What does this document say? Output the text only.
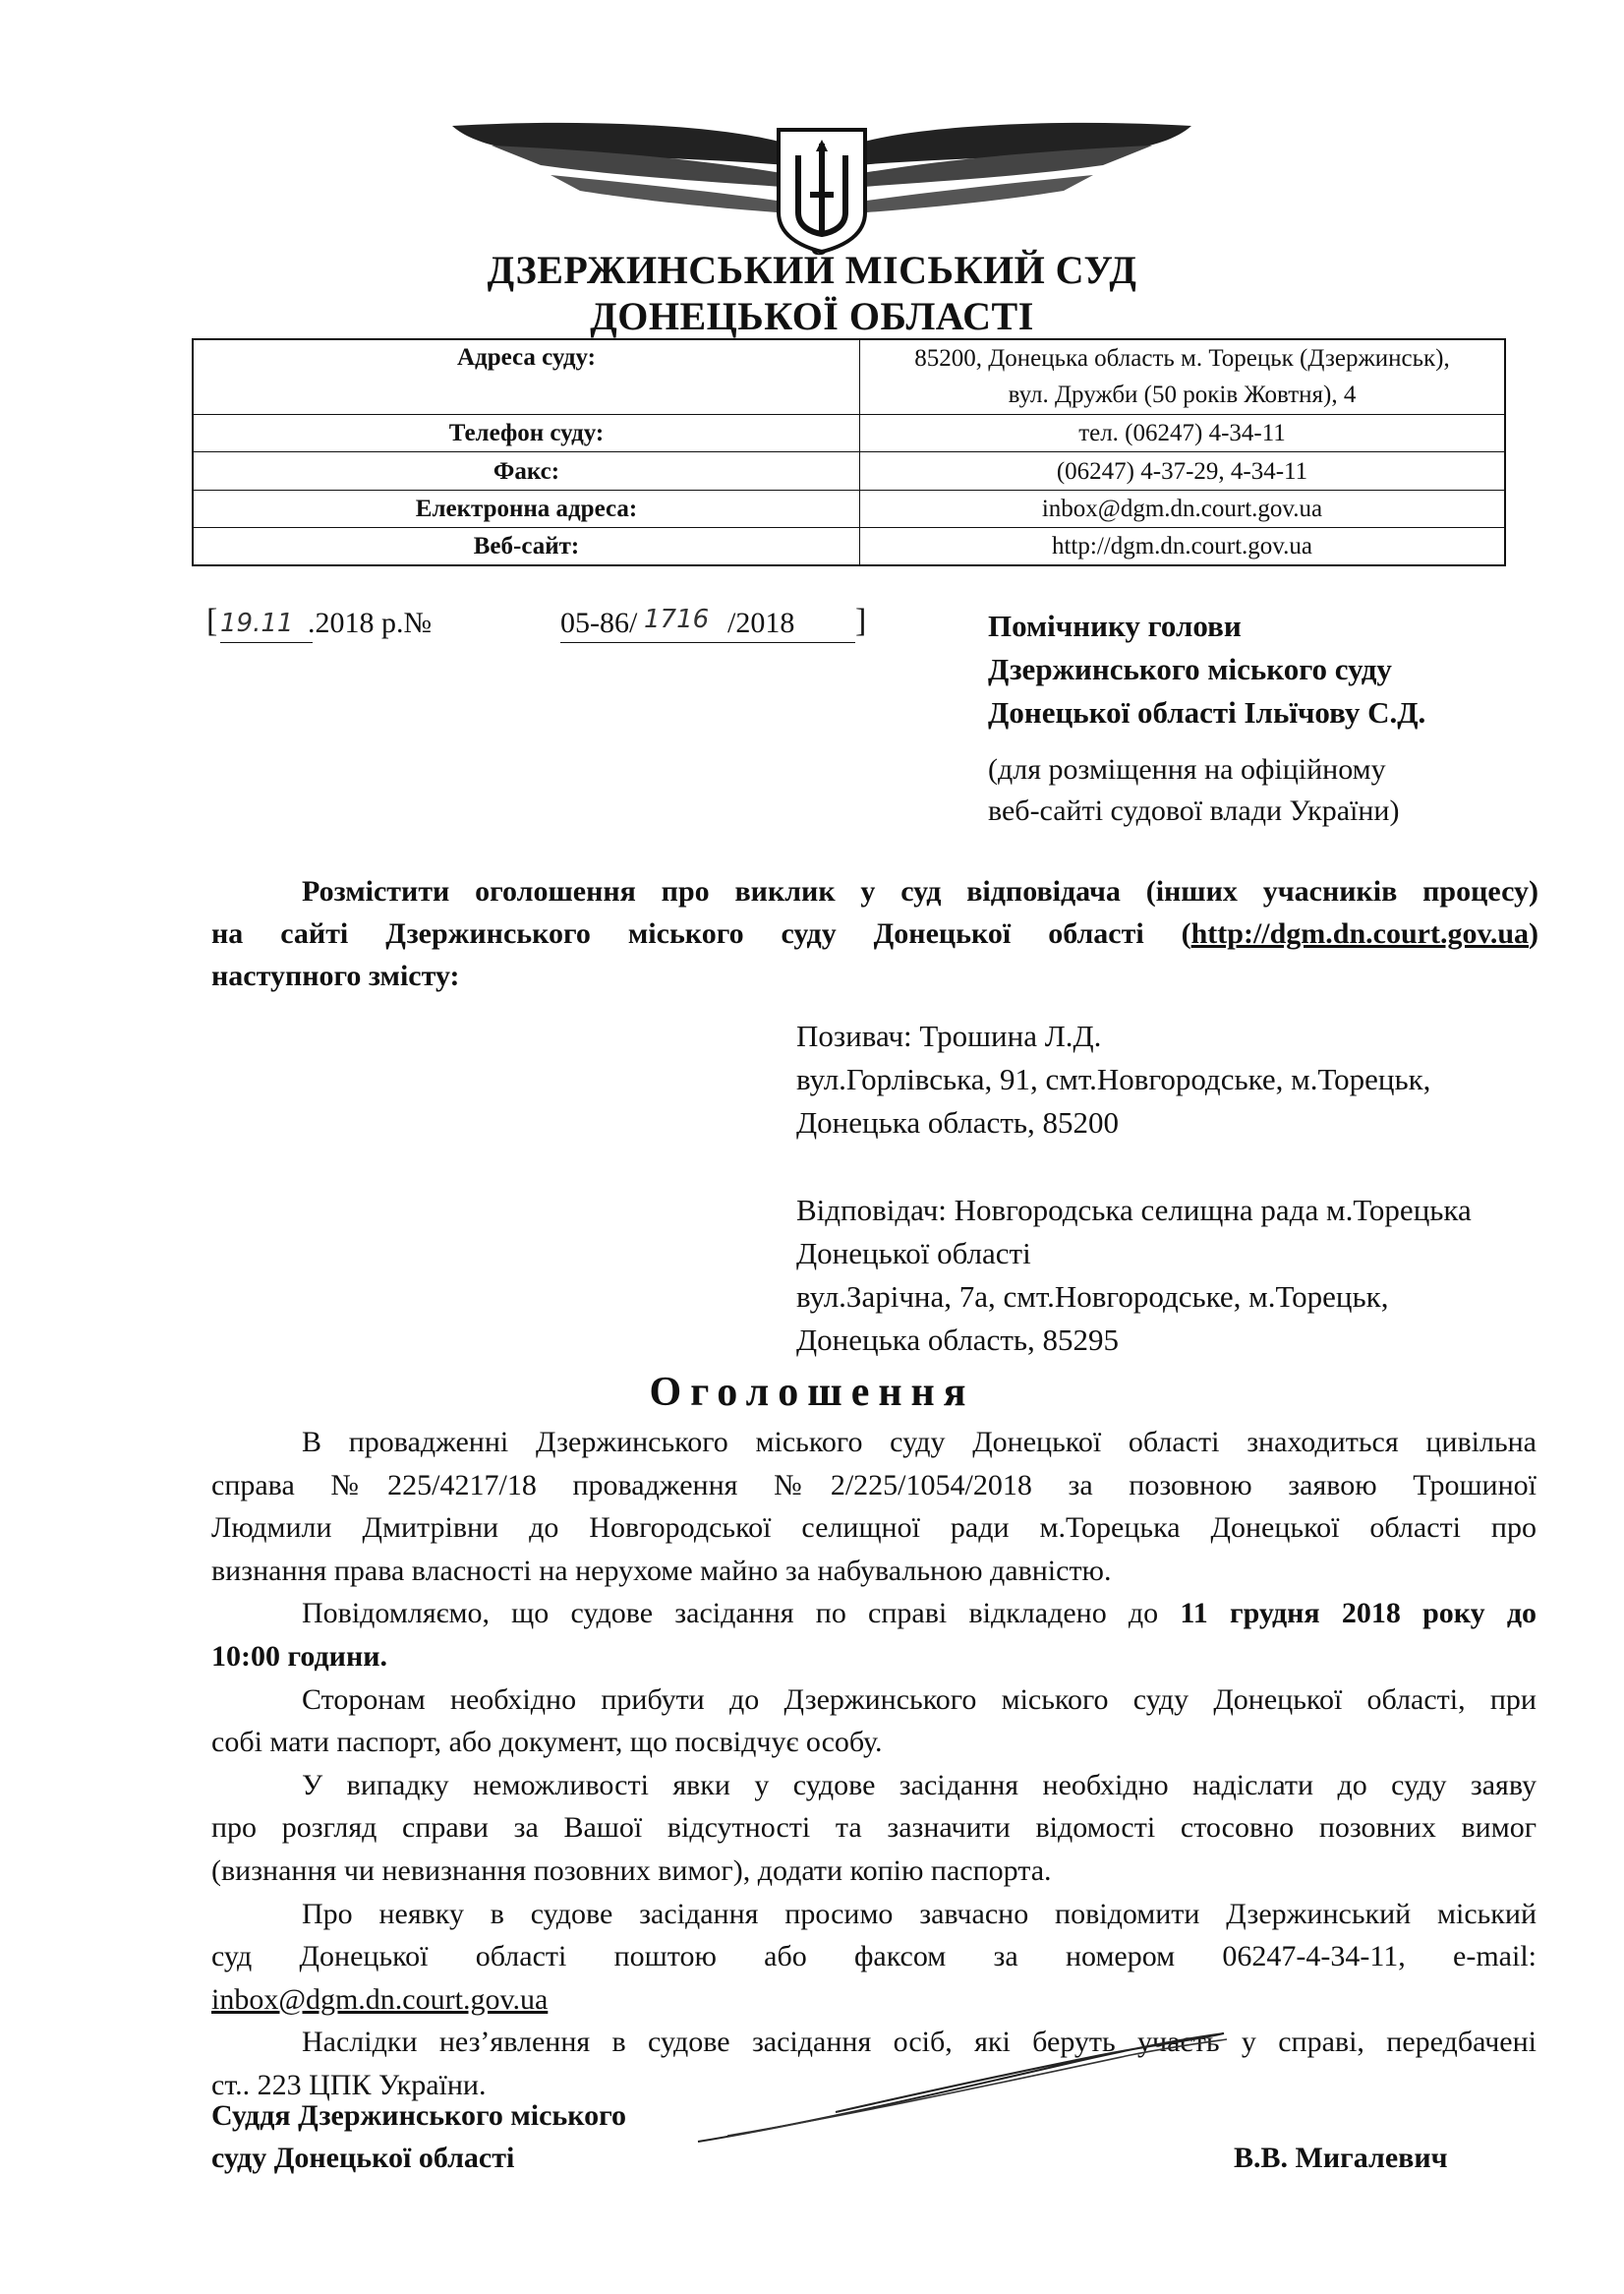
ДЗЕРЖИНСЬКИЙ МІСЬКИЙ СУД
ДОНЕЦЬКОЇ ОБЛАСТІ
Адреса суду:	85200, Донецька область м. Торецьк (Дзержинськ),
вул. Дружби (50 років Жовтня), 4
Телефон суду:	тел. (06247) 4-34-11
Факс:	(06247) 4-37-29, 4-34-11
Електронна адреса:	inbox@dgm.dn.court.gov.ua
Веб-сайт:	http://dgm.dn.court.gov.ua
[ 19.11 .2018 р.№	05-86/ 1716 /2018 ]	Помічнику голови
Дзержинського міського суду
Донецької області Ільїчову С.Д.
(для розміщення на офіційному
веб-сайті судової влади України)
Розмістити оголошення про виклик у суд відповідача (інших учасників процесу)
на сайті Дзержинського міського суду Донецької області (http://dgm.dn.court.gov.ua)
наступного змісту:
Позивач: Трошина Л.Д.
вул.Горлівська, 91, смт.Новгородське, м.Торецьк,
Донецька область, 85200
Відповідач: Новгородська селищна рада м.Торецька
Донецької області
вул.Зарічна, 7а, смт.Новгородське, м.Торецьк,
Донецька область, 85295
Оголошення
В провадженні Дзержинського міського суду Донецької області знаходиться цивільна
справа №225/4217/18 провадження №2/225/1054/2018 за позовною заявою Трошиної
Людмили Дмитрівни до Новгородської селищної ради м.Торецька Донецької області про
визнання права власності на нерухоме майно за набувальною давністю.
Повідомляємо, що судове засідання по справі відкладено до 11 грудня 2018 року до
10:00 години.
Сторонам необхідно прибути до Дзержинського міського суду Донецької області, при
собі мати паспорт, або документ, що посвідчує особу.
У випадку неможливості явки у судове засідання необхідно надіслати до суду заяву
про розгляд справи за Вашої відсутності та зазначити відомості стосовно позовних вимог
(визнання чи невизнання позовних вимог), додати копію паспорта.
Про неявку в судове засідання просимо завчасно повідомити Дзержинський міський
суд Донецької області поштою або факсом за номером 06247-4-34-11, e-mail:
inbox@dgm.dn.court.gov.ua
Наслідки нез’явлення в судове засідання осіб, які беруть участь у справі, передбачені
ст.. 223 ЦПК України.
Суддя Дзержинського міського
суду Донецької області	В.В. Мигалевич
